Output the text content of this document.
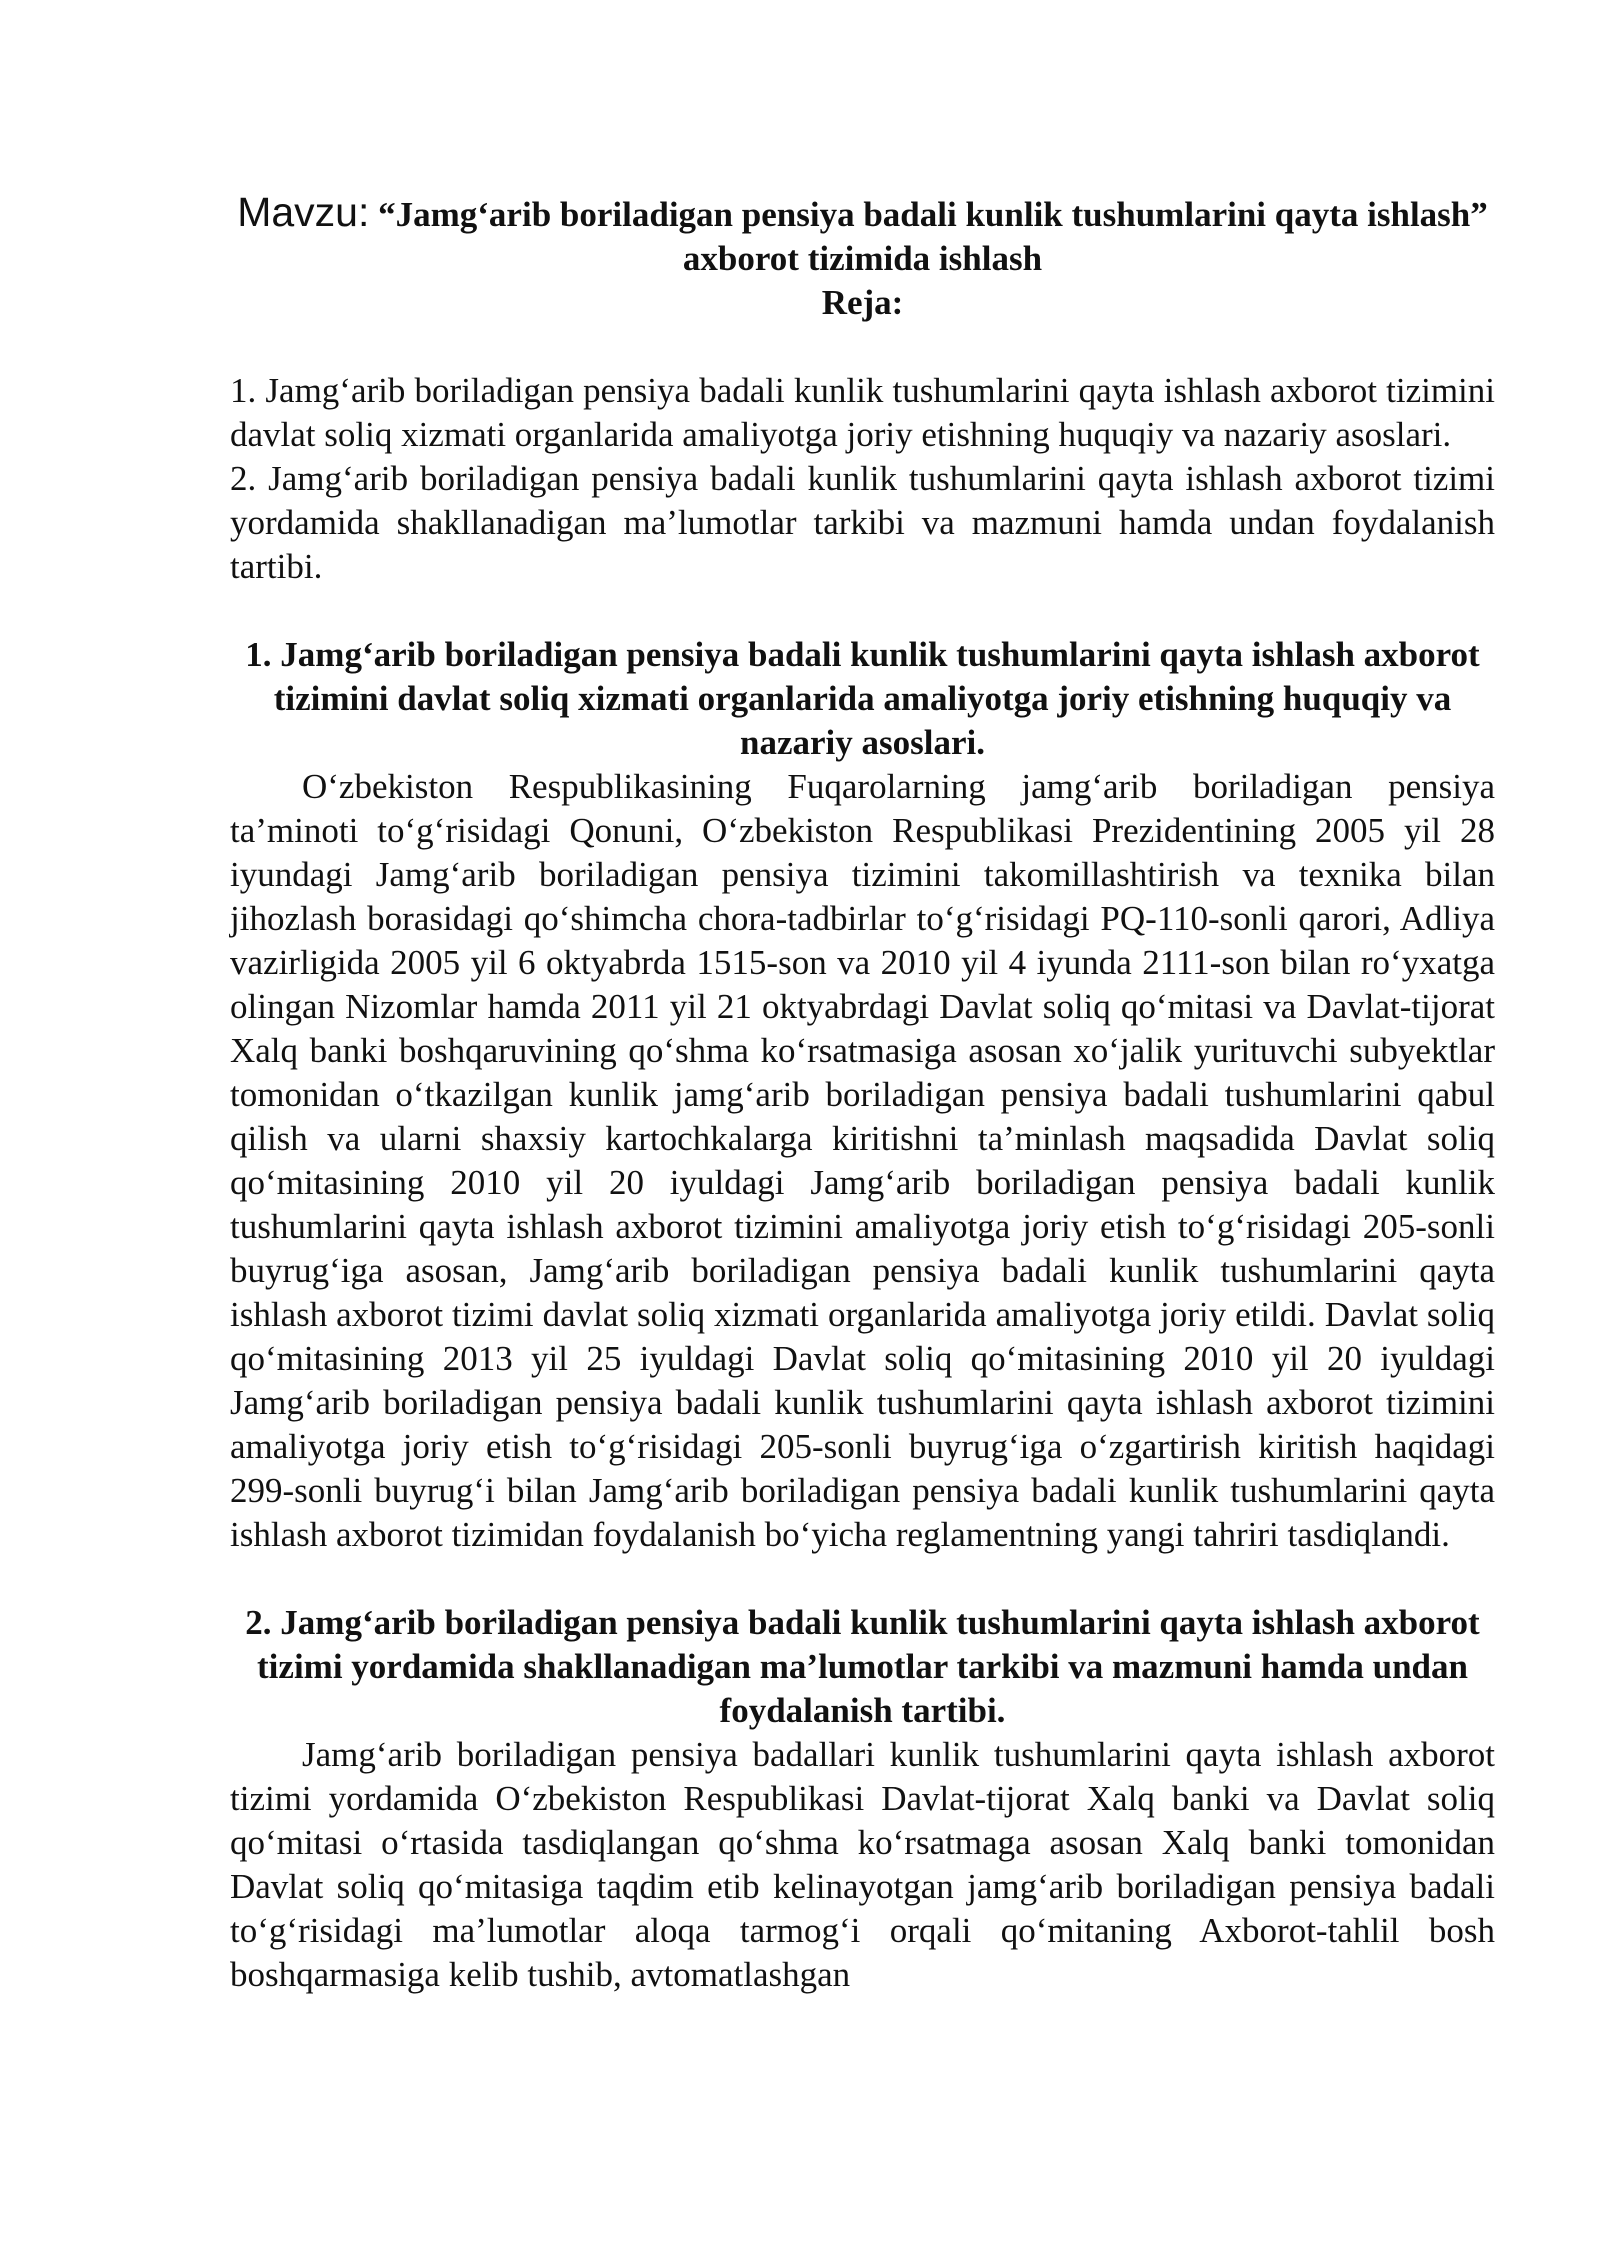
Mavzu: “Jamg‘arib boriladigan pensiya badali kunlik tushumlarini qayta ishlash” axborot tizimida ishlash

Reja:

1. Jamg‘arib boriladigan pensiya badali kunlik tushumlarini qayta ishlash axborot tizimini davlat soliq xizmati organlarida amaliyotga joriy etishning huquqiy va nazariy asoslari.

2. Jamg‘arib boriladigan pensiya badali kunlik tushumlarini qayta ishlash axborot tizimi yordamida shakllanadigan ma’lumotlar tarkibi va mazmuni hamda undan foydalanish tartibi.

1. Jamg‘arib boriladigan pensiya badali kunlik tushumlarini qayta ishlash axborot tizimini davlat soliq xizmati organlarida amaliyotga joriy etishning huquqiy va nazariy asoslari.

O‘zbekiston Respublikasining Fuqarolarning jamg‘arib boriladigan pensiya ta’minoti to‘g‘risidagi Qonuni, O‘zbekiston Respublikasi Prezidentining 2005 yil 28 iyundagi Jamg‘arib boriladigan pensiya tizimini takomillashtirish va texnika bilan jihozlash borasidagi qo‘shimcha chora-tadbirlar to‘g‘risidagi PQ-110-sonli qarori, Adliya vazirligida 2005 yil 6 oktyabrda 1515-son va 2010 yil 4 iyunda 2111-son bilan ro‘yxatga olingan Nizomlar hamda 2011 yil 21 oktyabrdagi Davlat soliq qo‘mitasi va Davlat-tijorat Xalq banki boshqaruvining qo‘shma ko‘rsatmasiga asosan xo‘jalik yurituvchi subyektlar tomonidan o‘tkazilgan kunlik jamg‘arib boriladigan pensiya badali tushumlarini qabul qilish va ularni shaxsiy kartochkalarga kiritishni ta’minlash maqsadida Davlat soliq qo‘mitasining 2010 yil 20 iyuldagi Jamg‘arib boriladigan pensiya badali kunlik tushumlarini qayta ishlash axborot tizimini amaliyotga joriy etish to‘g‘risidagi 205-sonli buyrug‘iga asosan, Jamg‘arib boriladigan pensiya badali kunlik tushumlarini qayta ishlash axborot tizimi davlat soliq xizmati organlarida amaliyotga joriy etildi. Davlat soliq qo‘mitasining 2013 yil 25 iyuldagi Davlat soliq qo‘mitasining 2010 yil 20 iyuldagi Jamg‘arib boriladigan pensiya badali kunlik tushumlarini qayta ishlash axborot tizimini amaliyotga joriy etish to‘g‘risidagi 205-sonli buyrug‘iga o‘zgartirish kiritish haqidagi 299-sonli buyrug‘i bilan Jamg‘arib boriladigan pensiya badali kunlik tushumlarini qayta ishlash axborot tizimidan foydalanish bo‘yicha reglamentning yangi tahriri tasdiqlandi.

2. Jamg‘arib boriladigan pensiya badali kunlik tushumlarini qayta ishlash axborot tizimi yordamida shakllanadigan ma’lumotlar tarkibi va mazmuni hamda undan foydalanish tartibi.

Jamg‘arib boriladigan pensiya badallari kunlik tushumlarini qayta ishlash axborot tizimi yordamida O‘zbekiston Respublikasi Davlat-tijorat Xalq banki va Davlat soliq qo‘mitasi o‘rtasida tasdiqlangan qo‘shma ko‘rsatmaga asosan Xalq banki tomonidan Davlat soliq qo‘mitasiga taqdim etib kelinayotgan jamg‘arib boriladigan pensiya badali to‘g‘risidagi ma’lumotlar aloqa tarmog‘i orqali qo‘mitaning Axborot-tahlil bosh boshqarmasiga kelib tushib, avtomatlashgan
